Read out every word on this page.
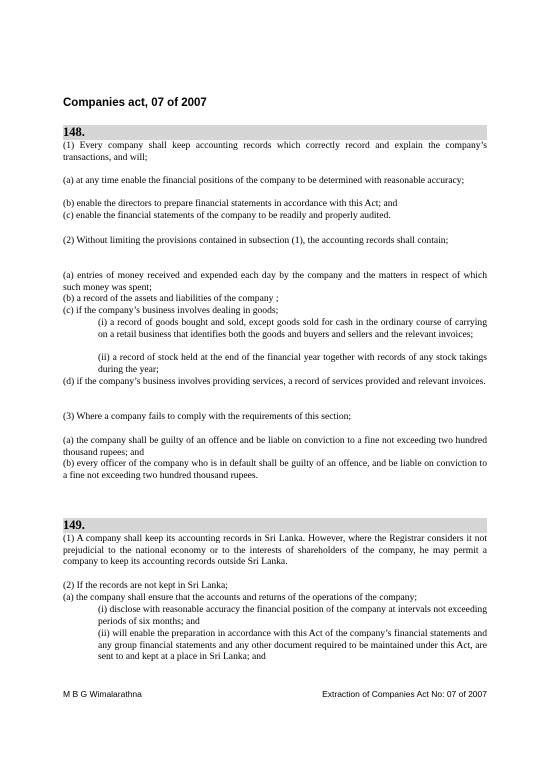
Companies act, 07 of 2007
148.

(1) Every company shall keep accounting records which correctly record and explain the company’s transactions, and will;

(a) at any time enable the financial positions of the company to be determined with reasonable accuracy;

(b) enable the directors to prepare financial statements in accordance with this Act; and

(c) enable the financial statements of the company to be readily and properly audited.

(2) Without limiting the provisions contained in subsection (1), the accounting records shall contain;

(a) entries of money received and expended each day by the company and the matters in respect of which such money was spent;

(b) a record of the assets and liabilities of the company ;

(c) if the company’s business involves dealing in goods;

(i) a record of goods bought and sold, except goods sold for cash in the ordinary course of carrying on a retail business that identifies both the goods and buyers and sellers and the relevant invoices;

(ii) a record of stock held at the end of the financial year together with records of any stock takings during the year;

(d) if the company’s business involves providing services, a record of services provided and relevant invoices.

(3) Where a company fails to comply with the requirements of this section;

(a) the company shall be guilty of an offence and be liable on conviction to a fine not exceeding two hundred thousand rupees; and

(b) every officer of the company who is in default shall be guilty of an offence, and be liable on conviction to a fine not exceeding two hundred thousand rupees.

149.

(1) A company shall keep its accounting records in Sri Lanka. However, where the Registrar considers it not prejudicial to the national economy or to the interests of shareholders of the company, he may permit a company to keep its accounting records outside Sri Lanka.

(2) If the records are not kept in Sri Lanka;

(a) the company shall ensure that the accounts and returns of the operations of the company;

(i) disclose with reasonable accuracy the financial position of the company at intervals not exceeding periods of six months; and

(ii) will enable the preparation in accordance with this Act of the company’s financial statements and any group financial statements and any other document required to be maintained under this Act, are sent to and kept at a place in Sri Lanka; and

M B G Wimalarathna	Extraction of Companies Act No: 07 of 2007
